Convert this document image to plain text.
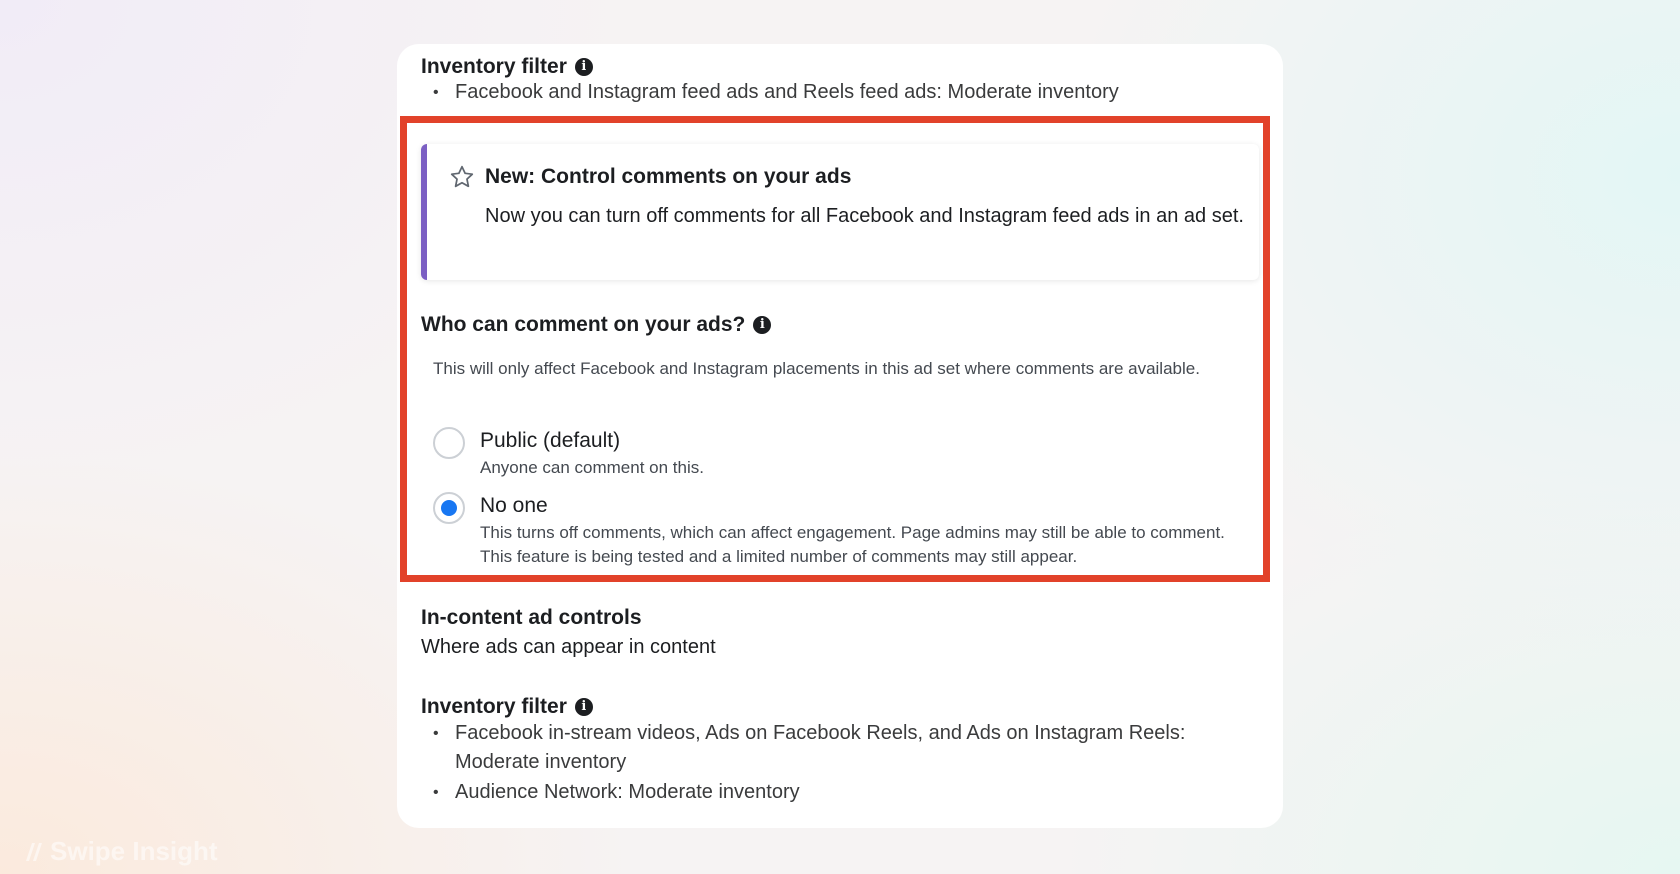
Inventory filter	i
• Facebook and Instagram feed ads and Reels feed ads: Moderate inventory
New: Control comments on your ads
Now you can turn off comments for all Facebook and Instagram feed ads in an ad set.
Who can comment on your ads?	i
This will only affect Facebook and Instagram placements in this ad set where comments are available.
Public (default)
Anyone can comment on this.
No one
This turns off comments, which can affect engagement. Page admins may still be able to comment. This feature is being tested and a limited number of comments may still appear.
In-content ad controls
Where ads can appear in content
Inventory filter	i
• Facebook in-stream videos, Ads on Facebook Reels, and Ads on Instagram Reels: Moderate inventory
• Audience Network: Moderate inventory
Swipe Insight
